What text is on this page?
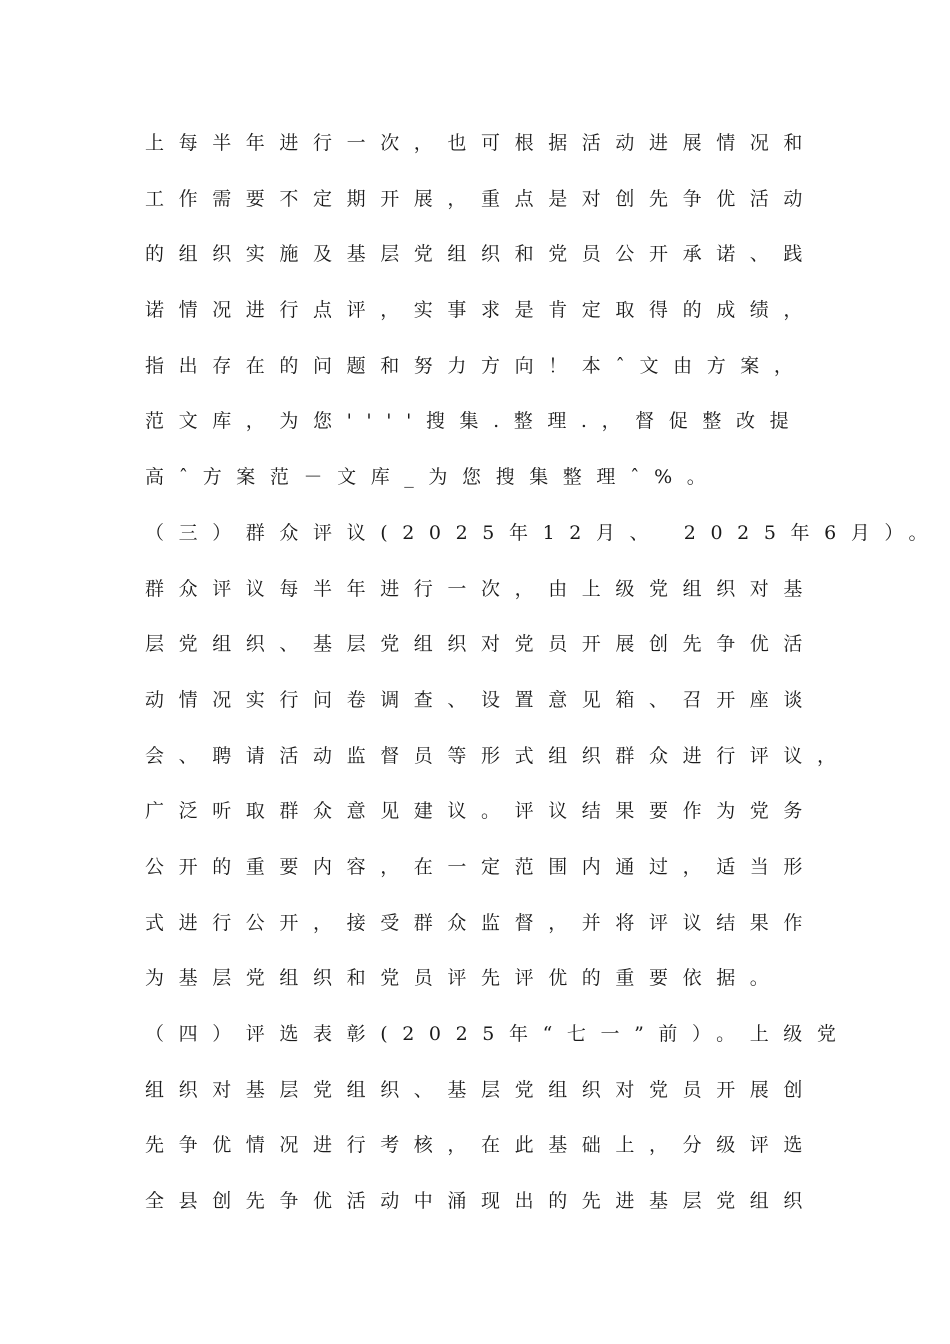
上每半年进行一次，也可根据活动进展情况和
工作需要不定期开展，重点是对创先争优活动
的组织实施及基层党组织和党员公开承诺、践
诺情况进行点评，实事求是肯定取得的成绩，
指出存在的问题和努力方向！本ˆ文由方案，
范文库，为您''''搜集.整理.，督促整改提
高ˆ方案范－文库_为您搜集整理ˆ%。
（三）群众评议(2025年12月、 2025年6月）。
群众评议每半年进行一次，由上级党组织对基
层党组织、基层党组织对党员开展创先争优活
动情况实行问卷调查、设置意见箱、召开座谈
会、聘请活动监督员等形式组织群众进行评议，
广泛听取群众意见建议。评议结果要作为党务
公开的重要内容，在一定范围内通过，适当形
式进行公开，接受群众监督，并将评议结果作
为基层党组织和党员评先评优的重要依据。
（四）评选表彰(2025年“七一”前）。上级党
组织对基层党组织、基层党组织对党员开展创
先争优情况进行考核，在此基础上，分级评选
全县创先争优活动中涌现出的先进基层党组织
